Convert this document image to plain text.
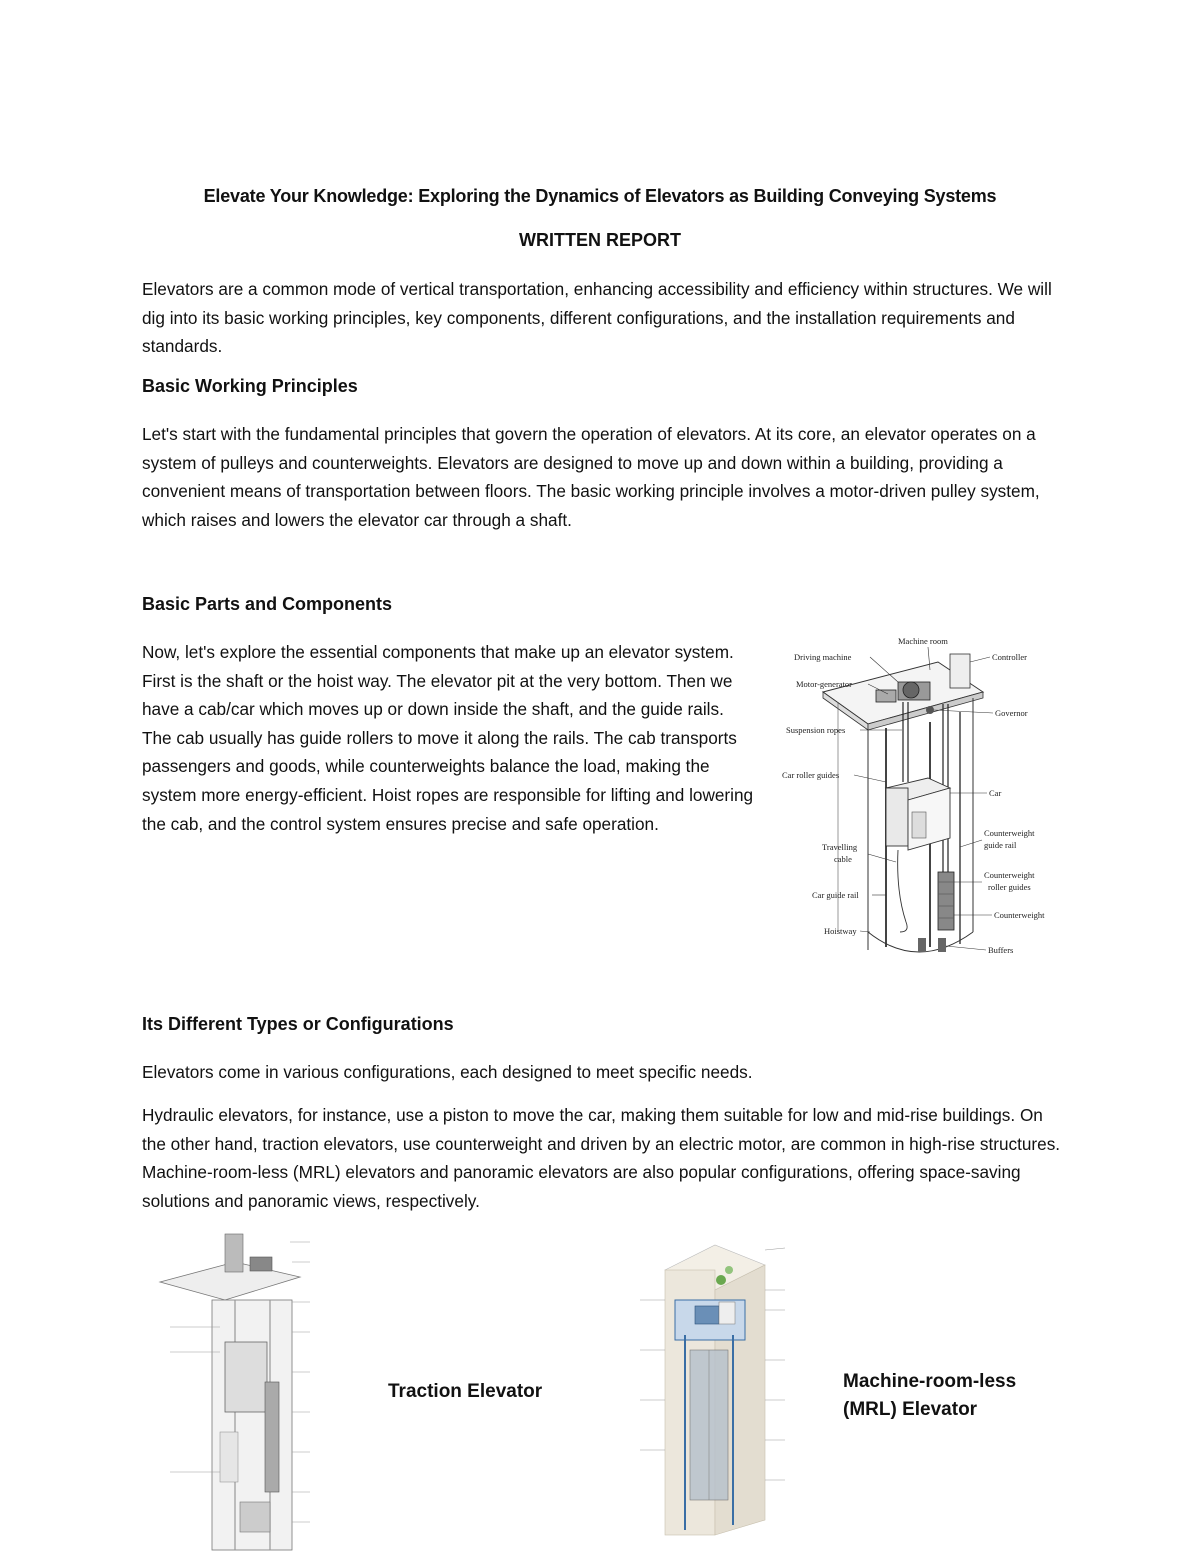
Elevate Your Knowledge: Exploring the Dynamics of Elevators as Building Conveying Systems
WRITTEN REPORT

Elevators are a common mode of vertical transportation, enhancing accessibility and efficiency within structures. We will dig into its basic working principles, key components, different configurations, and the installation requirements and standards.

Basic Working Principles

Let's start with the fundamental principles that govern the operation of elevators. At its core, an elevator operates on a system of pulleys and counterweights. Elevators are designed to move up and down within a building, providing a convenient means of transportation between floors. The basic working principle involves a motor-driven pulley system, which raises and lowers the elevator car through a shaft.

Basic Parts and Components

Now, let's explore the essential components that make up an elevator system. First is the shaft or the hoist way. The elevator pit at the very bottom. Then we have a cab/car which moves up or down inside the shaft, and the guide rails. The cab usually has guide rollers to move it along the rails. The cab transports passengers and goods, while counterweights balance the load, making the system more energy-efficient. Hoist ropes are responsible for lifting and lowering the cab, and the control system ensures precise and safe operation.

Machine room
Driving machine	Controller
Motor-generator
Governor
Suspension ropes
Car roller guides
Car
Counterweight
guide rail
Travelling
cable
Counterweight
roller guides
Car guide rail
Counterweight
Hoistway
Buffers

Its Different Types or Configurations

Elevators come in various configurations, each designed to meet specific needs.

Hydraulic elevators, for instance, use a piston to move the car, making them suitable for low and mid-rise buildings. On the other hand, traction elevators, use counterweight and driven by an electric motor, are common in high-rise structures. Machine-room-less (MRL) elevators and panoramic elevators are also popular configurations, offering space-saving solutions and panoramic views, respectively.

Traction Elevator	Machine-room-less
(MRL) Elevator
